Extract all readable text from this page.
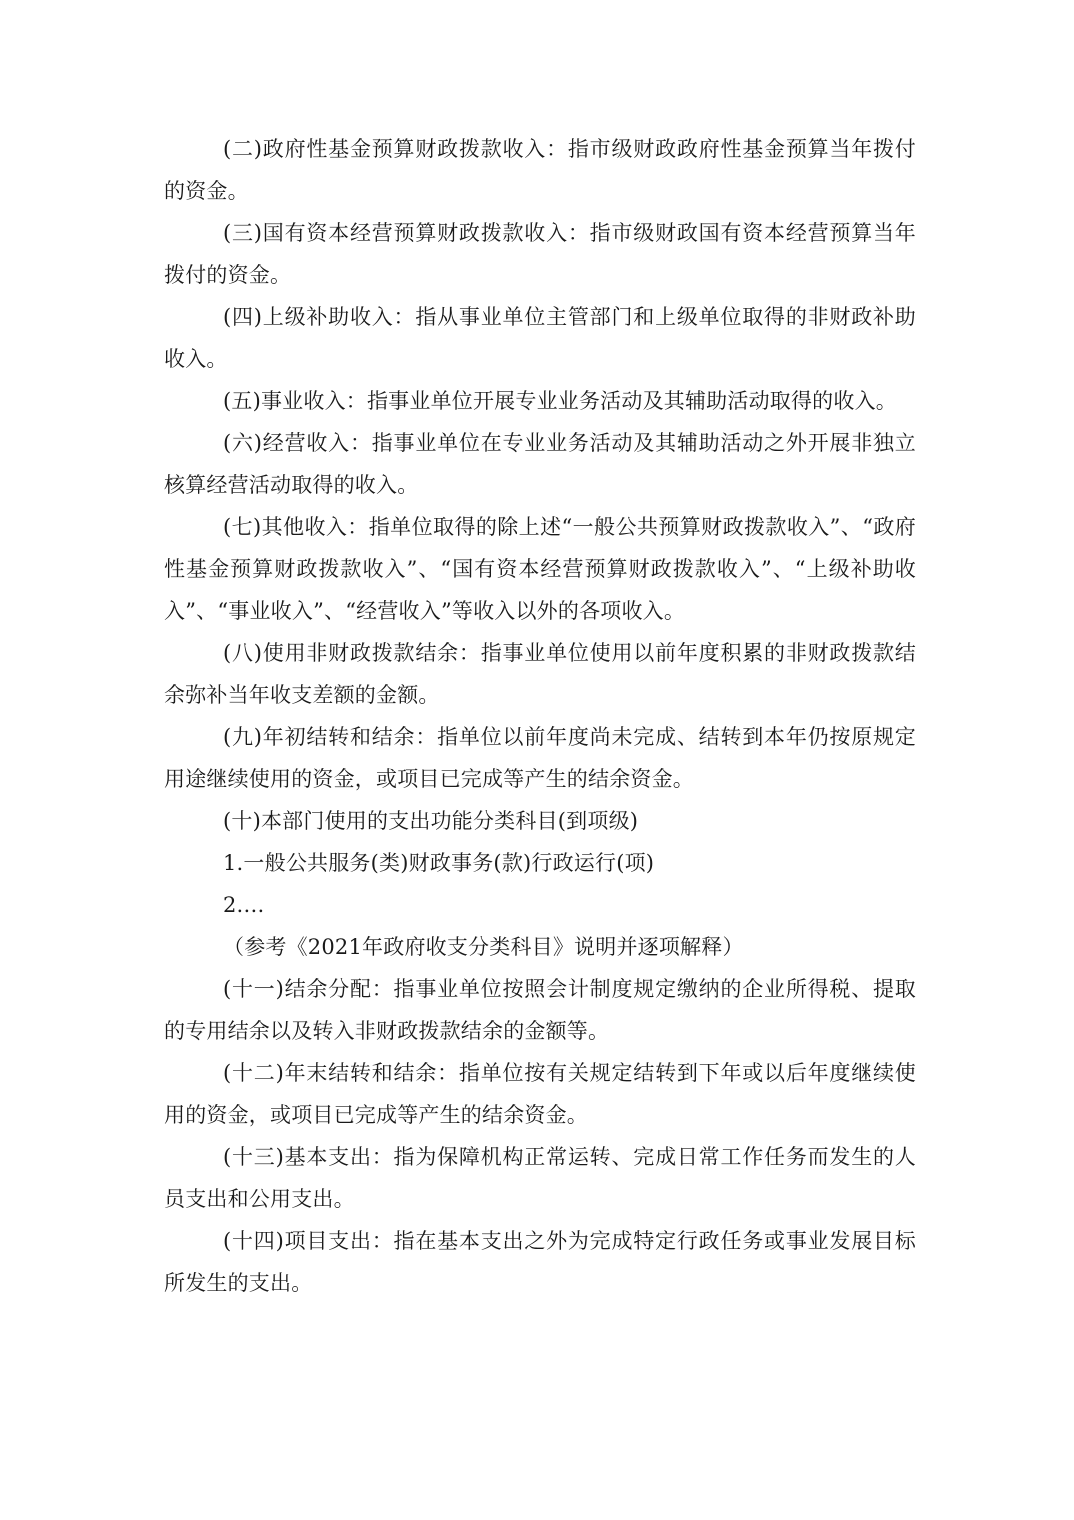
(二)政府性基金预算财政拨款收入：指市级财政政府性基金预算当年拨付的资金。

(三)国有资本经营预算财政拨款收入：指市级财政国有资本经营预算当年拨付的资金。

(四)上级补助收入：指从事业单位主管部门和上级单位取得的非财政补助收入。

(五)事业收入：指事业单位开展专业业务活动及其辅助活动取得的收入。

(六)经营收入：指事业单位在专业业务活动及其辅助活动之外开展非独立核算经营活动取得的收入。

(七)其他收入：指单位取得的除上述“一般公共预算财政拨款收入”、“政府性基金预算财政拨款收入”、“国有资本经营预算财政拨款收入”、“上级补助收入”、“事业收入”、“经营收入”等收入以外的各项收入。

(八)使用非财政拨款结余：指事业单位使用以前年度积累的非财政拨款结余弥补当年收支差额的金额。

(九)年初结转和结余：指单位以前年度尚未完成、结转到本年仍按原规定用途继续使用的资金，或项目已完成等产生的结余资金。

(十)本部门使用的支出功能分类科目(到项级)

1.一般公共服务(类)财政事务(款)行政运行(项)

2.…

（参考《2021年政府收支分类科目》说明并逐项解释）

(十一)结余分配：指事业单位按照会计制度规定缴纳的企业所得税、提取的专用结余以及转入非财政拨款结余的金额等。

(十二)年末结转和结余：指单位按有关规定结转到下年或以后年度继续使用的资金，或项目已完成等产生的结余资金。

(十三)基本支出：指为保障机构正常运转、完成日常工作任务而发生的人员支出和公用支出。

(十四)项目支出：指在基本支出之外为完成特定行政任务或事业发展目标所发生的支出。
